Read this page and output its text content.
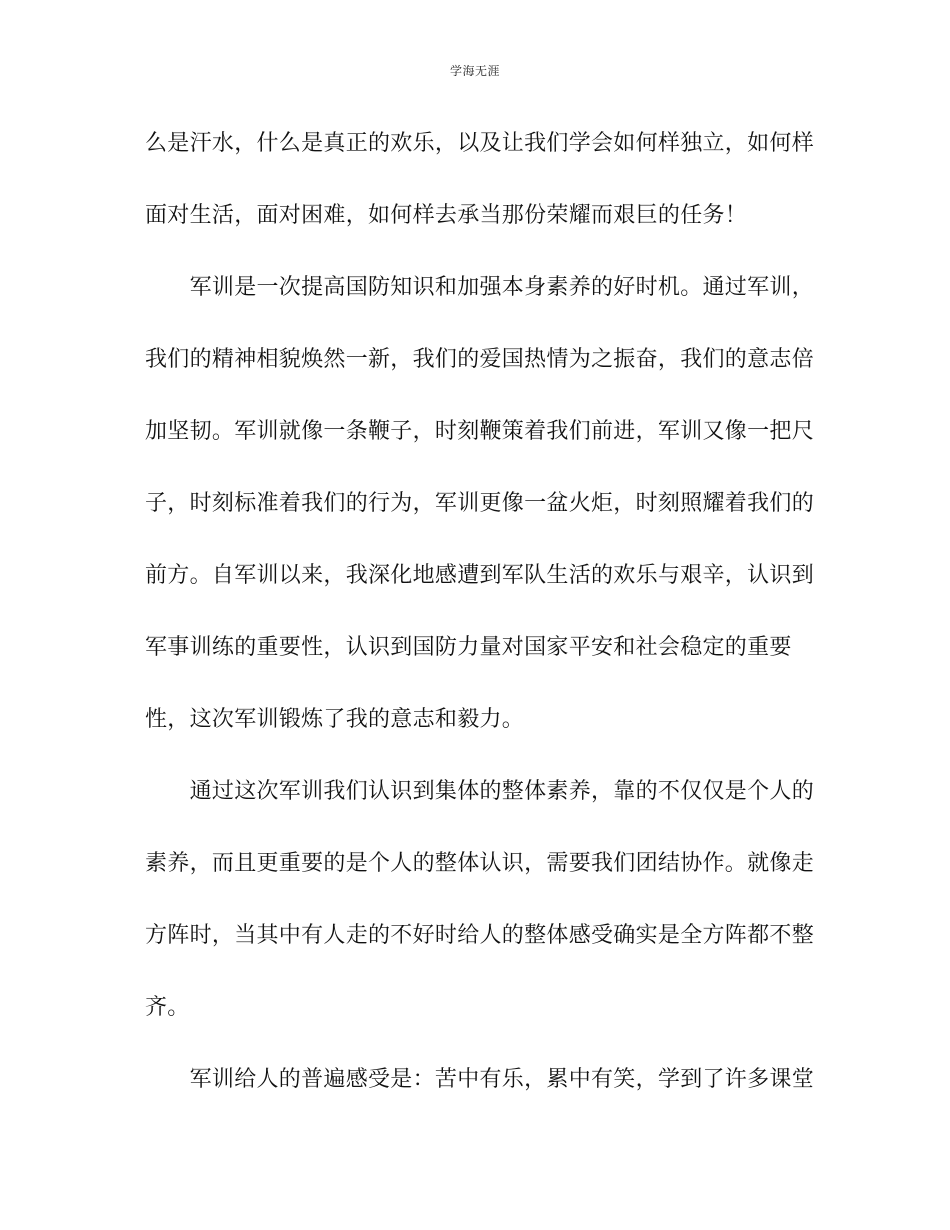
学海无涯
么是汗水，什么是真正的欢乐，以及让我们学会如何样独立，如何样
面对生活，面对困难，如何样去承当那份荣耀而艰巨的任务！
　　军训是一次提高国防知识和加强本身素养的好时机。通过军训，
我们的精神相貌焕然一新，我们的爱国热情为之振奋，我们的意志倍
加坚韧。军训就像一条鞭子，时刻鞭策着我们前进，军训又像一把尺
子，时刻标准着我们的行为，军训更像一盆火炬，时刻照耀着我们的
前方。自军训以来，我深化地感遭到军队生活的欢乐与艰辛，认识到
军事训练的重要性，认识到国防力量对国家平安和社会稳定的重要
性，这次军训锻炼了我的意志和毅力。
　　通过这次军训我们认识到集体的整体素养，靠的不仅仅是个人的
素养，而且更重要的是个人的整体认识，需要我们团结协作。就像走
方阵时，当其中有人走的不好时给人的整体感受确实是全方阵都不整
齐。
　　军训给人的普遍感受是：苦中有乐，累中有笑，学到了许多课堂
